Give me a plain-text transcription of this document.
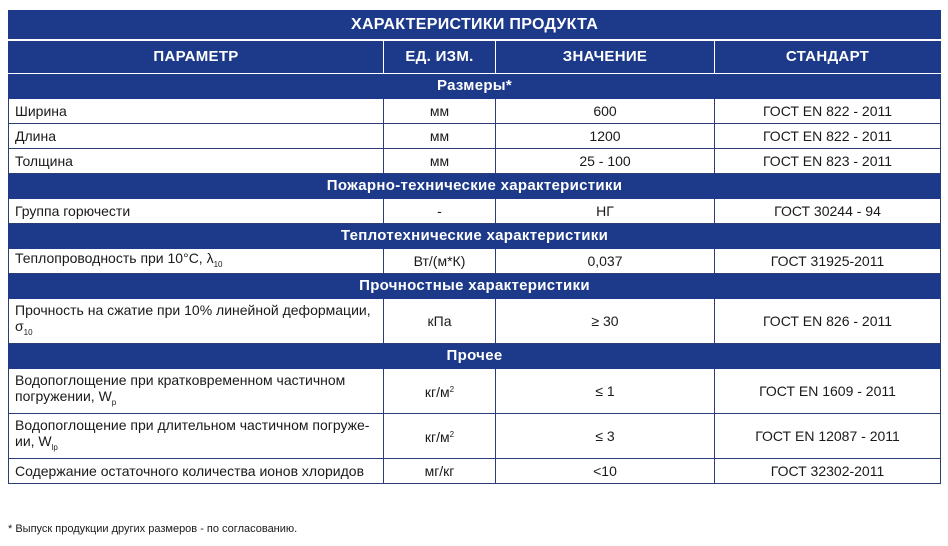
ХАРАКТЕРИСТИКИ ПРОДУКТА			
ПАРАМЕТР	ЕД. ИЗМ.	ЗНАЧЕНИЕ	СТАНДАРТ
Размеры*			
Ширина	мм	600	ГОСТ EN 822 - 2011
Длина	мм	1200	ГОСТ EN 822 - 2011
Толщина	мм	25 - 100	ГОСТ EN 823 - 2011
Пожарно-технические характеристики			
Группа горючести	-	НГ	ГОСТ 30244 - 94
Теплотехнические характеристики			
Теплопроводность при 10°С, $\lambda_{10}$	Вт/(м*К)	0,037	ГОСТ 31925-2011
Прочностные характеристики			
Прочность на сжатие при 10% линейной деформации, $\sigma_{10}$	кПа	≥ 30	ГОСТ EN 826 - 2011
Прочее			
Водопоглощение при кратковременном частичном погружении, $W_p$	$кг/м^2$	≤ 1	ГОСТ EN 1609 - 2011
Водопоглощение при длительном частичном погруже-ии, $W_{lp}$	$кг/м^2$	≤ 3	ГОСТ EN 12087 - 2011
Содержание остаточного количества ионов хлоридов	мг/кг	<10	ГОСТ 32302-2011
* Выпуск продукции других размеров - по согласованию.
